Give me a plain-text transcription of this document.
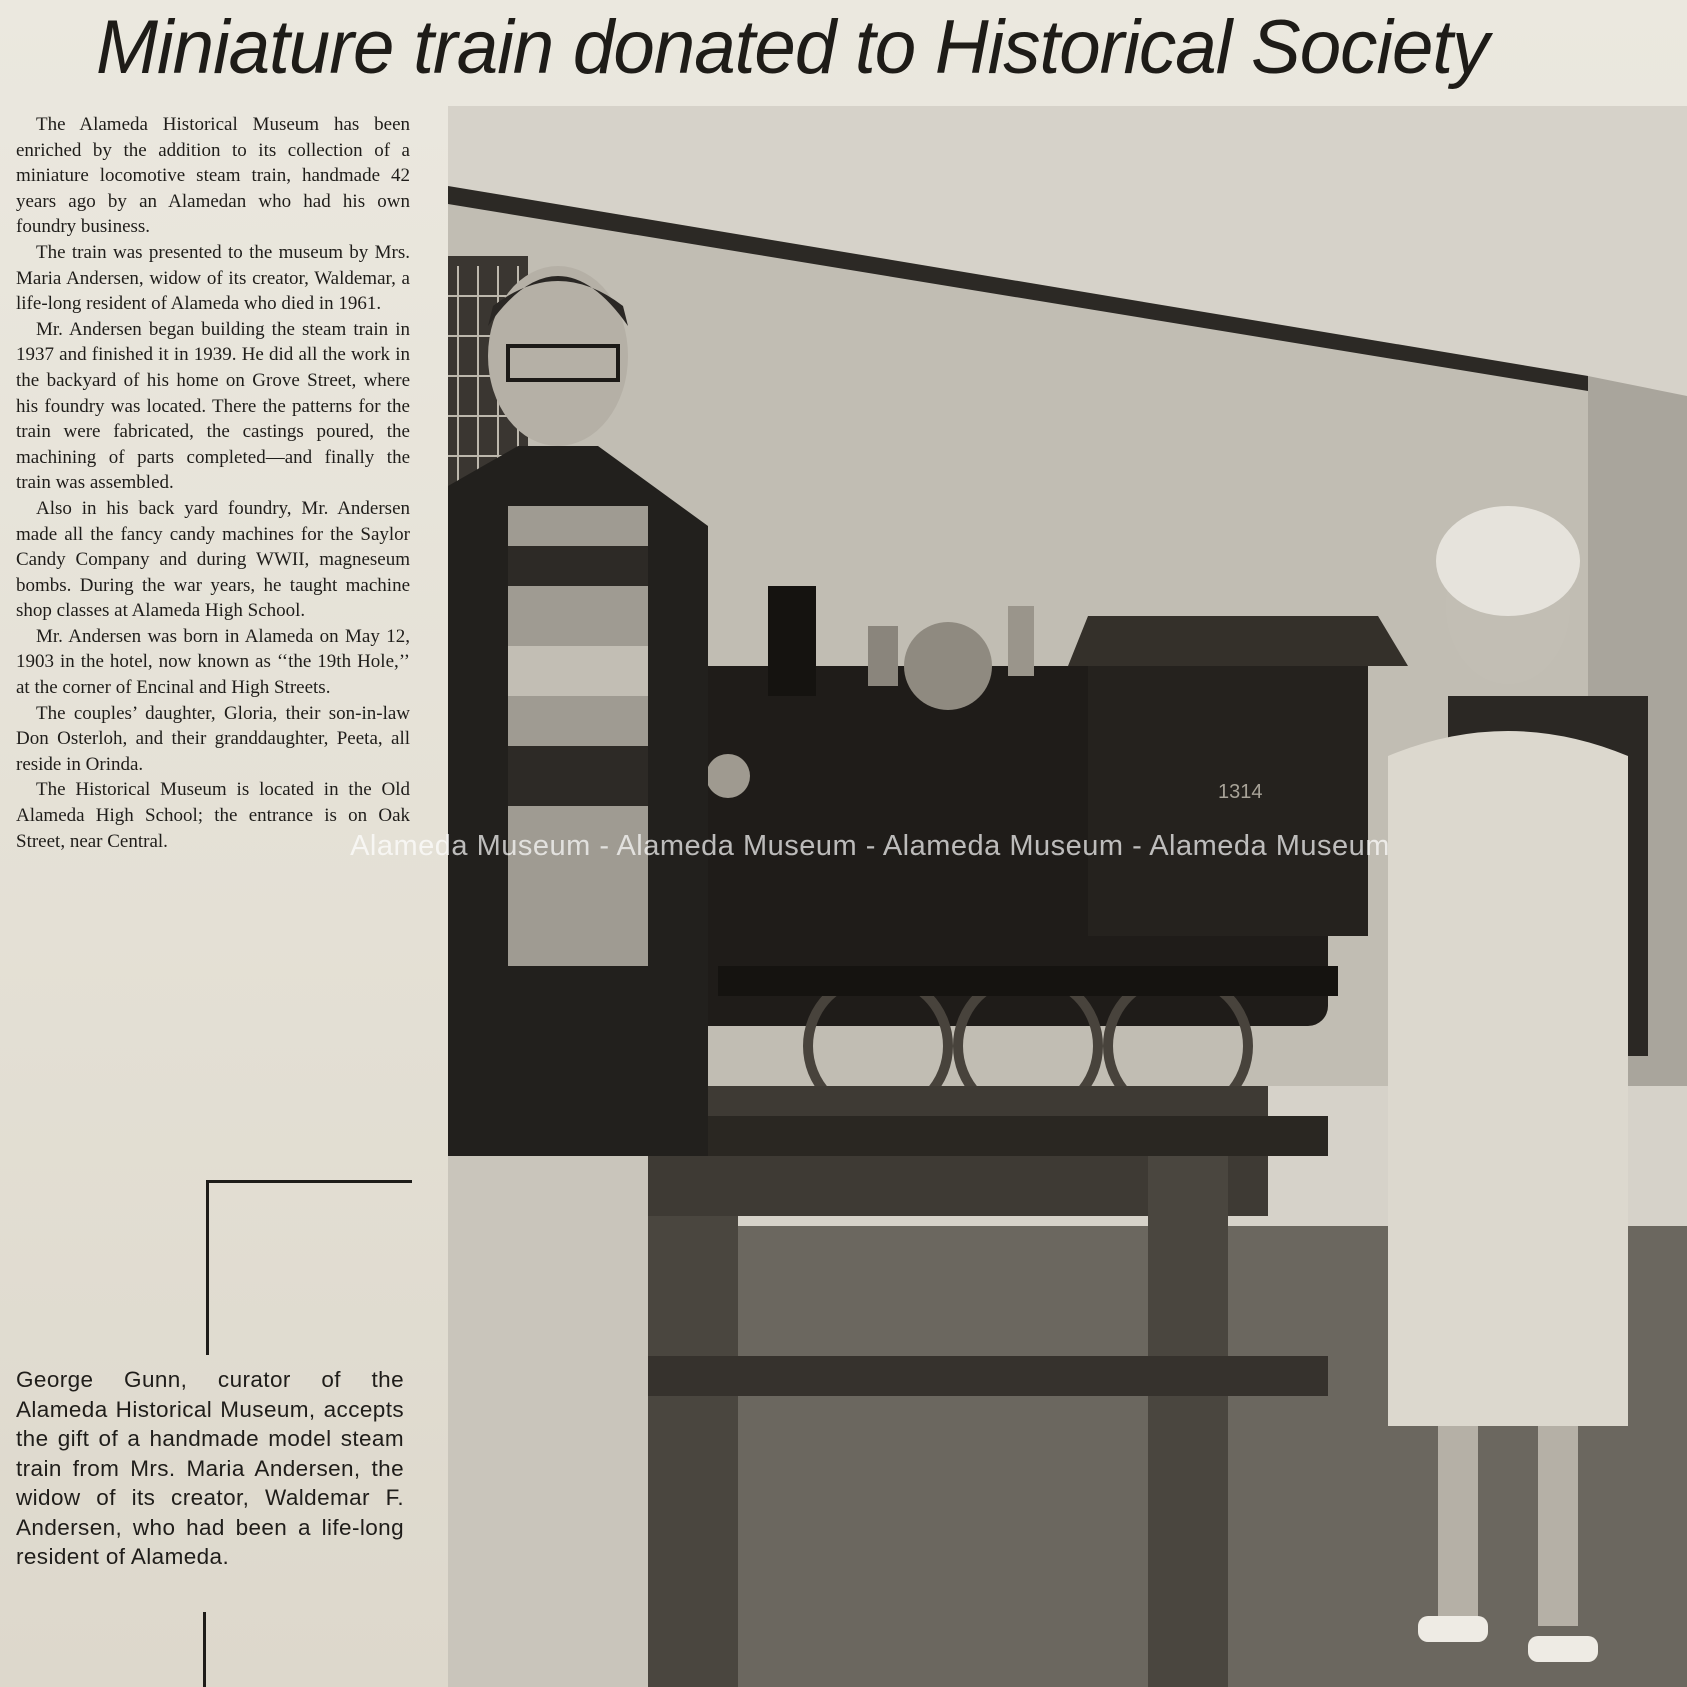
Miniature train donated to Historical Society

The Alameda Historical Museum has been enriched by the addition to its collection of a miniature locomotive steam train, handmade 42 years ago by an Alamedan who had his own foundry business.

The train was presented to the museum by Mrs. Maria Andersen, widow of its creator, Waldemar, a life-long resident of Alameda who died in 1961.

Mr. Andersen began building the steam train in 1937 and finished it in 1939. He did all the work in the backyard of his home on Grove Street, where his foundry was located. There the patterns for the train were fabricated, the castings poured, the machining of parts completed—and finally the train was assembled.

Also in his back yard foundry, Mr. Andersen made all the fancy candy machines for the Saylor Candy Company and during WWII, magneseum bombs. During the war years, he taught machine shop classes at Alameda High School.

Mr. Andersen was born in Alameda on May 12, 1903 in the hotel, now known as ‘‘the 19th Hole,’’ at the corner of Encinal and High Streets.

The couples’ daughter, Gloria, their son-in-law Don Osterloh, and their granddaughter, Peeta, all reside in Orinda.

The Historical Museum is located in the Old Alameda High School; the entrance is on Oak Street, near Central.

George Gunn, curator of the Alameda Historical Museum, accepts the gift of a handmade model steam train from Mrs. Maria Andersen, the widow of its creator, Waldemar F. Andersen, who had been a life-long resident of Alameda.
1314
Alameda Museum - Alameda Museum - Alameda Museum - Alameda Museum
